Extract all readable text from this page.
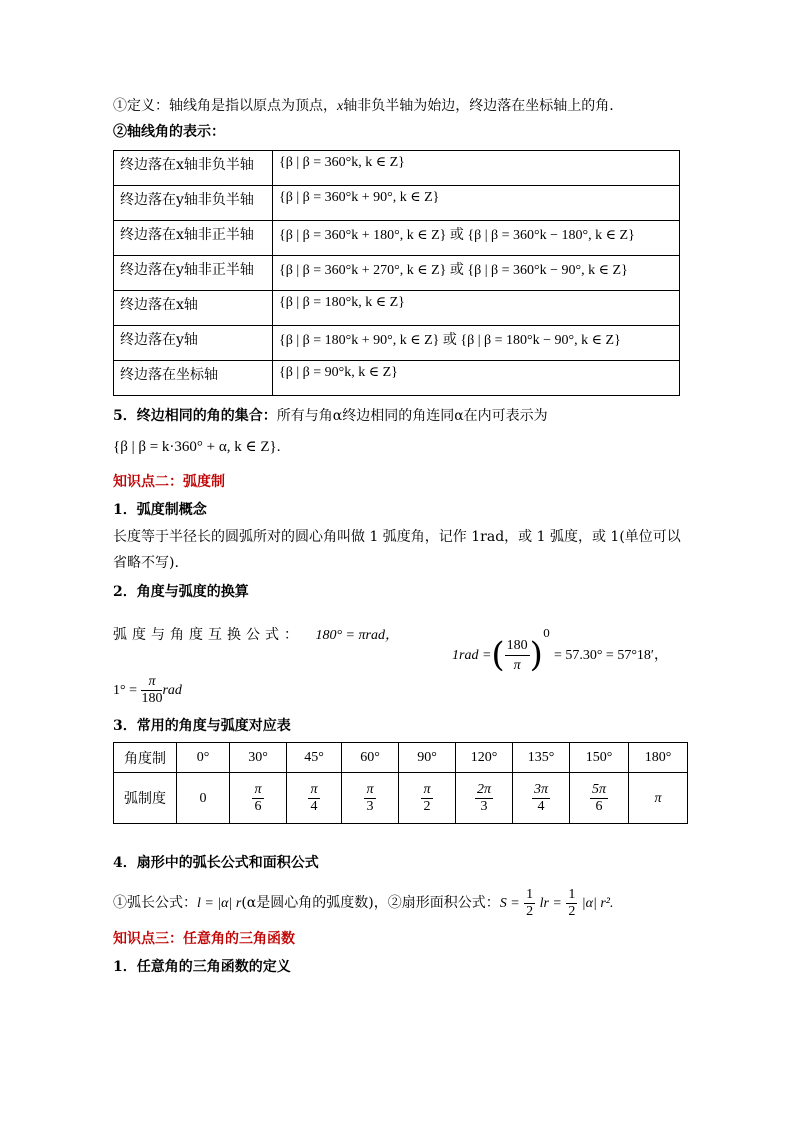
①定义：轴线角是指以原点为顶点，x轴非负半轴为始边，终边落在坐标轴上的角.
②轴线角的表示：
终边落在x轴非负半轴	{β | β = 360°k, k ∈ Z}
终边落在y轴非负半轴	{β | β = 360°k + 90°, k ∈ Z}
终边落在x轴非正半轴	{β | β = 360°k + 180°, k ∈ Z} 或 {β | β = 360°k − 180°, k ∈ Z}
终边落在y轴非正半轴	{β | β = 360°k + 270°, k ∈ Z} 或 {β | β = 360°k − 90°, k ∈ Z}
终边落在x轴	{β | β = 180°k, k ∈ Z}
终边落在y轴	{β | β = 180°k + 90°, k ∈ Z} 或 {β | β = 180°k − 90°, k ∈ Z}
终边落在坐标轴	{β | β = 90°k, k ∈ Z}
5．终边相同的角的集合：所有与角α终边相同的角连同α在内可表示为
{β | β = k·360° + α, k ∈ Z}.
知识点二：弧度制
1．弧度制概念
长度等于半径长的圆弧所对的圆心角叫做 1 弧度角，记作 1rad，或 1 弧度，或 1(单位可以
省略不写).
2．角度与弧度的换算
弧度与角度互换公式： 180° = πrad，
1rad =( $\frac{180}{\pi} )^0= 57.30^\circ = 57^\circ 18'$，
$1^\circ = \frac{\pi}{180}$ rad
3．常用的角度与弧度对应表
角度制	0°	30°	45°	60°	90°	120°	135°	150°	180°
弧制度	0	$\frac{\pi}{6}$	$\frac{\pi}{4}$	$\frac{\pi}{3}$	$\frac{\pi}{2}$	$\frac{2\pi}{3}$	$\frac{3\pi}{4}$	$\frac{5\pi}{6}$	π
4．扇形中的弧长公式和面积公式
①弧长公式：l = |α| r(α是圆心角的弧度数)，②扇形面积公式：$S = \frac{1}{2}$ lr = $\frac{1}{2} |\alpha|$ r².
知识点三：任意角的三角函数
1．任意角的三角函数的定义
